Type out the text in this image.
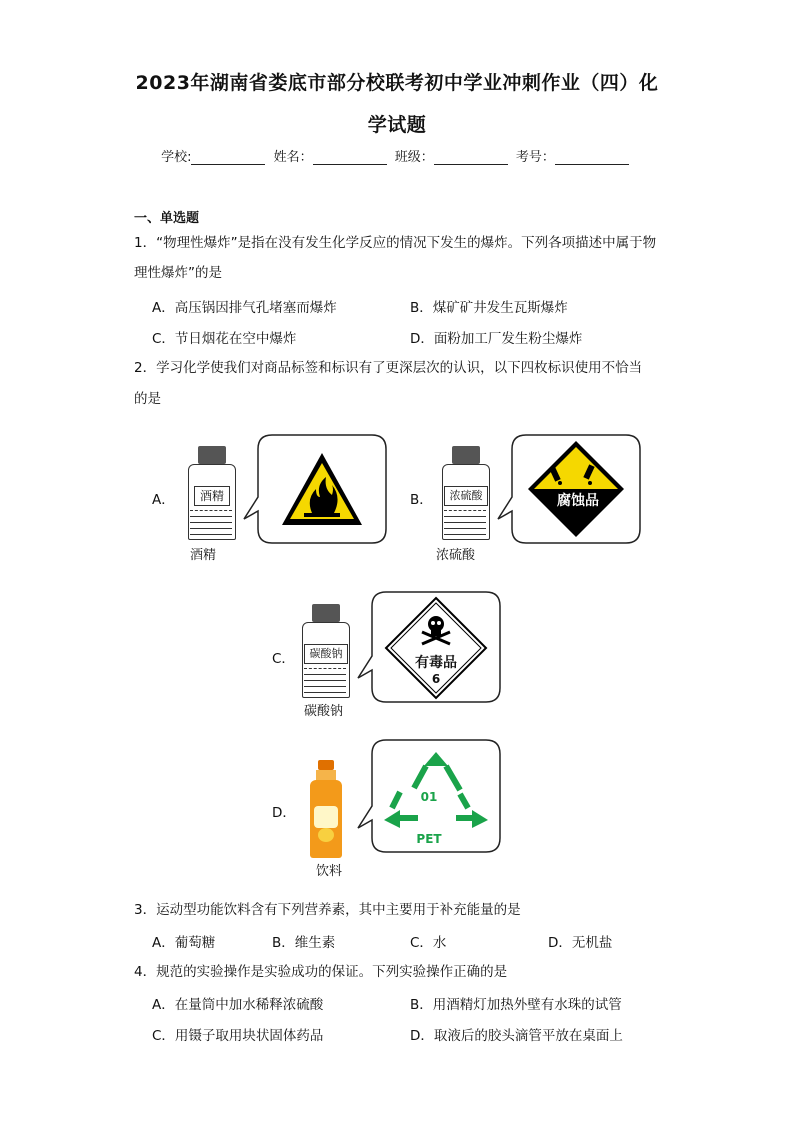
2023年湖南省娄底市部分校联考初中学业冲刺作业（四）化
学试题
学校:	姓名：	班级：	考号：
一、单选题
1．“物理性爆炸”是指在没有发生化学反应的情况下发生的爆炸。下列各项描述中属于物
理性爆炸”的是
A．高压锅因排气孔堵塞而爆炸	B．煤矿矿井发生瓦斯爆炸
C．节日烟花在空中爆炸	D．面粉加工厂发生粉尘爆炸
2．学习化学使我们对商品标签和标识有了更深层次的认识，以下四枚标识使用不恰当
的是
A．	酒精
酒精
B．	浓硫酸
浓硫酸
腐蚀品
C．	碳酸钠
碳酸钠
有毒品
6
D．
饮料
01
PET
3．运动型功能饮料含有下列营养素，其中主要用于补充能量的是
A．葡萄糖	B．维生素	C．水	D．无机盐
4．规范的实验操作是实验成功的保证。下列实验操作正确的是
A．在量筒中加水稀释浓硫酸	B．用酒精灯加热外壁有水珠的试管
C．用镊子取用块状固体药品	D．取液后的胶头滴管平放在桌面上
